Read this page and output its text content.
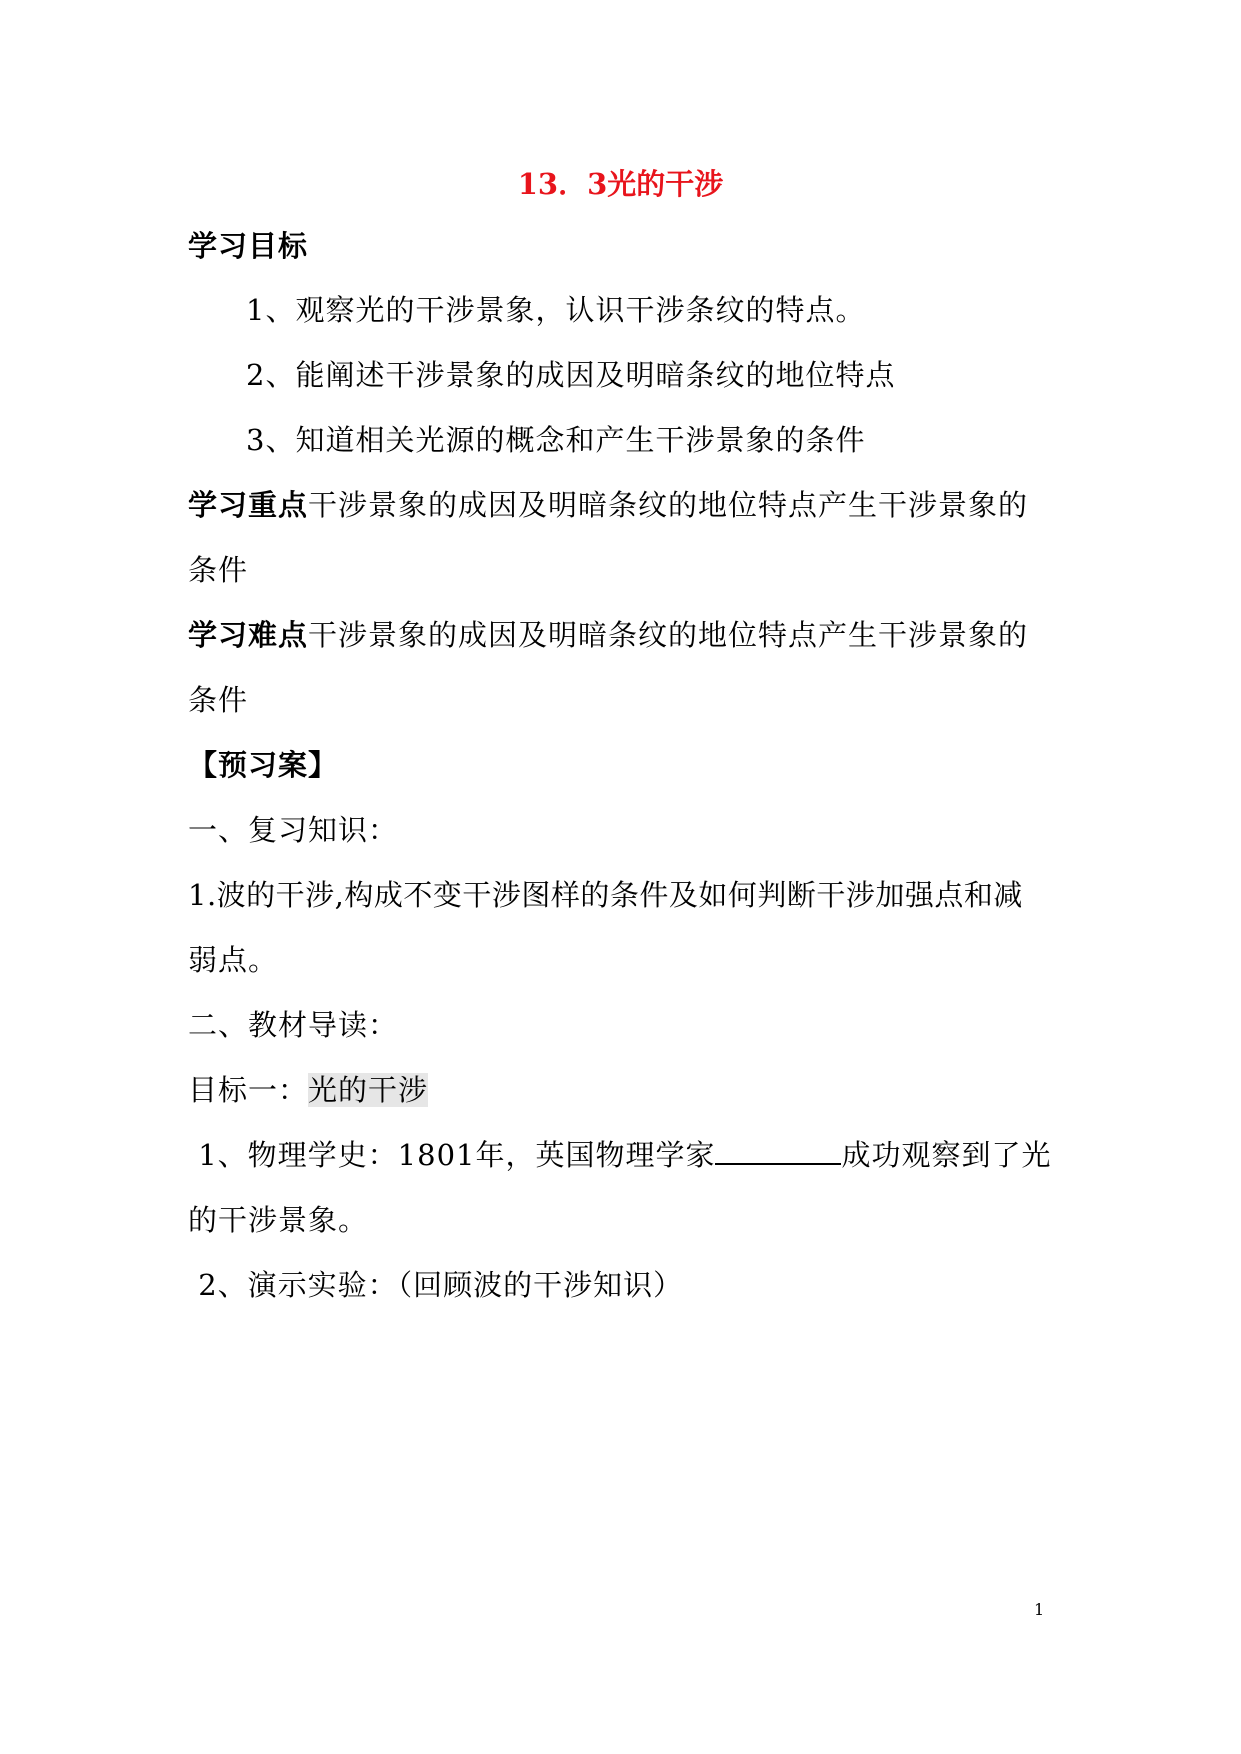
13．3光的干涉
学习目标
1、观察光的干涉景象，认识干涉条纹的特点。
2、能阐述干涉景象的成因及明暗条纹的地位特点
3、知道相关光源的概念和产生干涉景象的条件
学习重点干涉景象的成因及明暗条纹的地位特点产生干涉景象的
条件
学习难点干涉景象的成因及明暗条纹的地位特点产生干涉景象的
条件
【预习案】
一、复习知识：
1.波的干涉,构成不变干涉图样的条件及如何判断干涉加强点和减
弱点。
二、教材导读：
目标一：光的干涉
1、物理学史：1801年，英国物理学家	成功观察到了光
的干涉景象。
2、演示实验：（回顾波的干涉知识）
1
